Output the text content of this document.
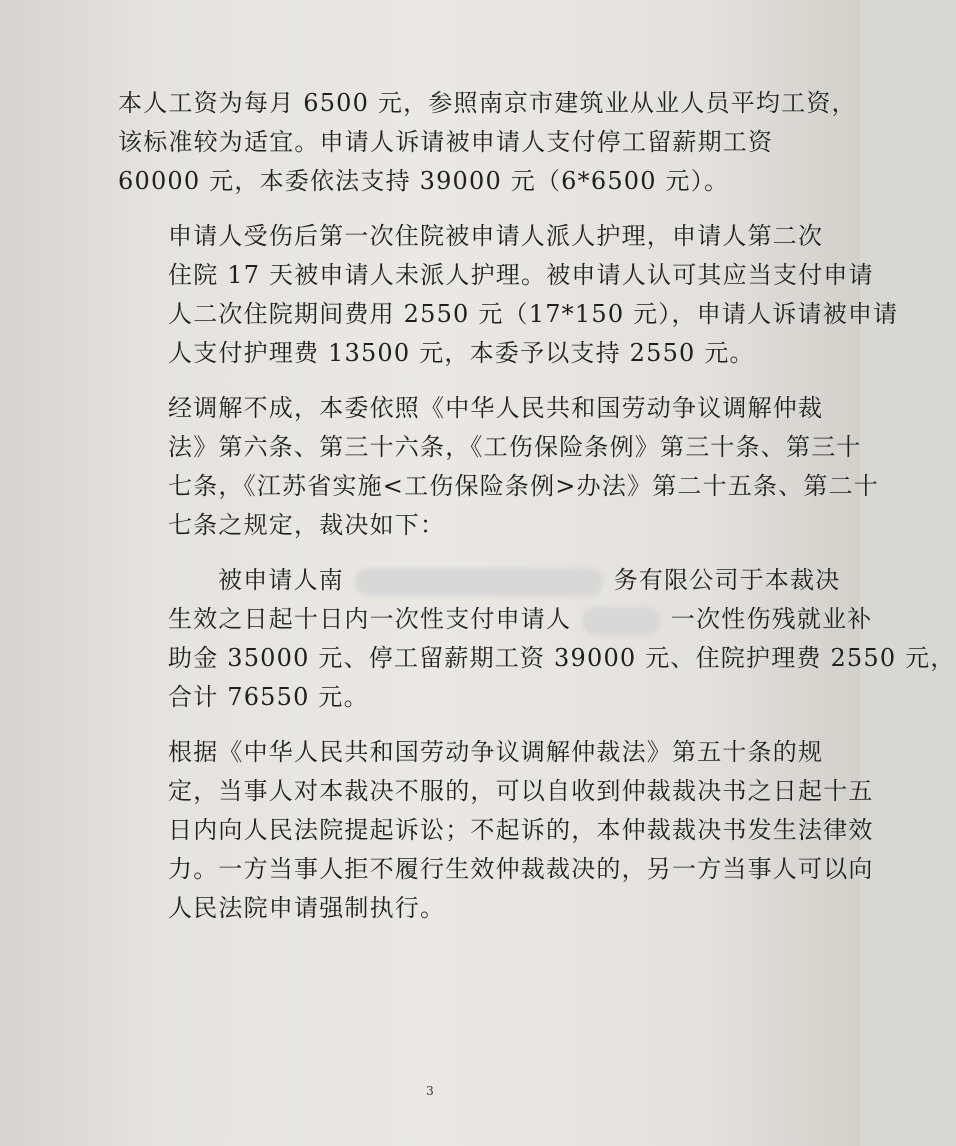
本人工资为每月 6500 元，参照南京市建筑业从业人员平均工资，
该标准较为适宜。申请人诉请被申请人支付停工留薪期工资
60000 元，本委依法支持 39000 元（6*6500 元）。
申请人受伤后第一次住院被申请人派人护理，申请人第二次
住院 17 天被申请人未派人护理。被申请人认可其应当支付申请
人二次住院期间费用 2550 元（17*150 元），申请人诉请被申请
人支付护理费 13500 元，本委予以支持 2550 元。
经调解不成，本委依照《中华人民共和国劳动争议调解仲裁
法》第六条、第三十六条，《工伤保险条例》第三十条、第三十
七条，《江苏省实施<工伤保险条例>办法》第二十五条、第二十
七条之规定，裁决如下：
被申请人南	务有限公司于本裁决 生效之日起十日内一次性支付申请人	一次性伤残就业补
助金 35000 元、停工留薪期工资 39000 元、住院护理费 2550 元，
合计 76550 元。
根据《中华人民共和国劳动争议调解仲裁法》第五十条的规
定，当事人对本裁决不服的，可以自收到仲裁裁决书之日起十五
日内向人民法院提起诉讼；不起诉的，本仲裁裁决书发生法律效
力。一方当事人拒不履行生效仲裁裁决的，另一方当事人可以向
人民法院申请强制执行。
3
